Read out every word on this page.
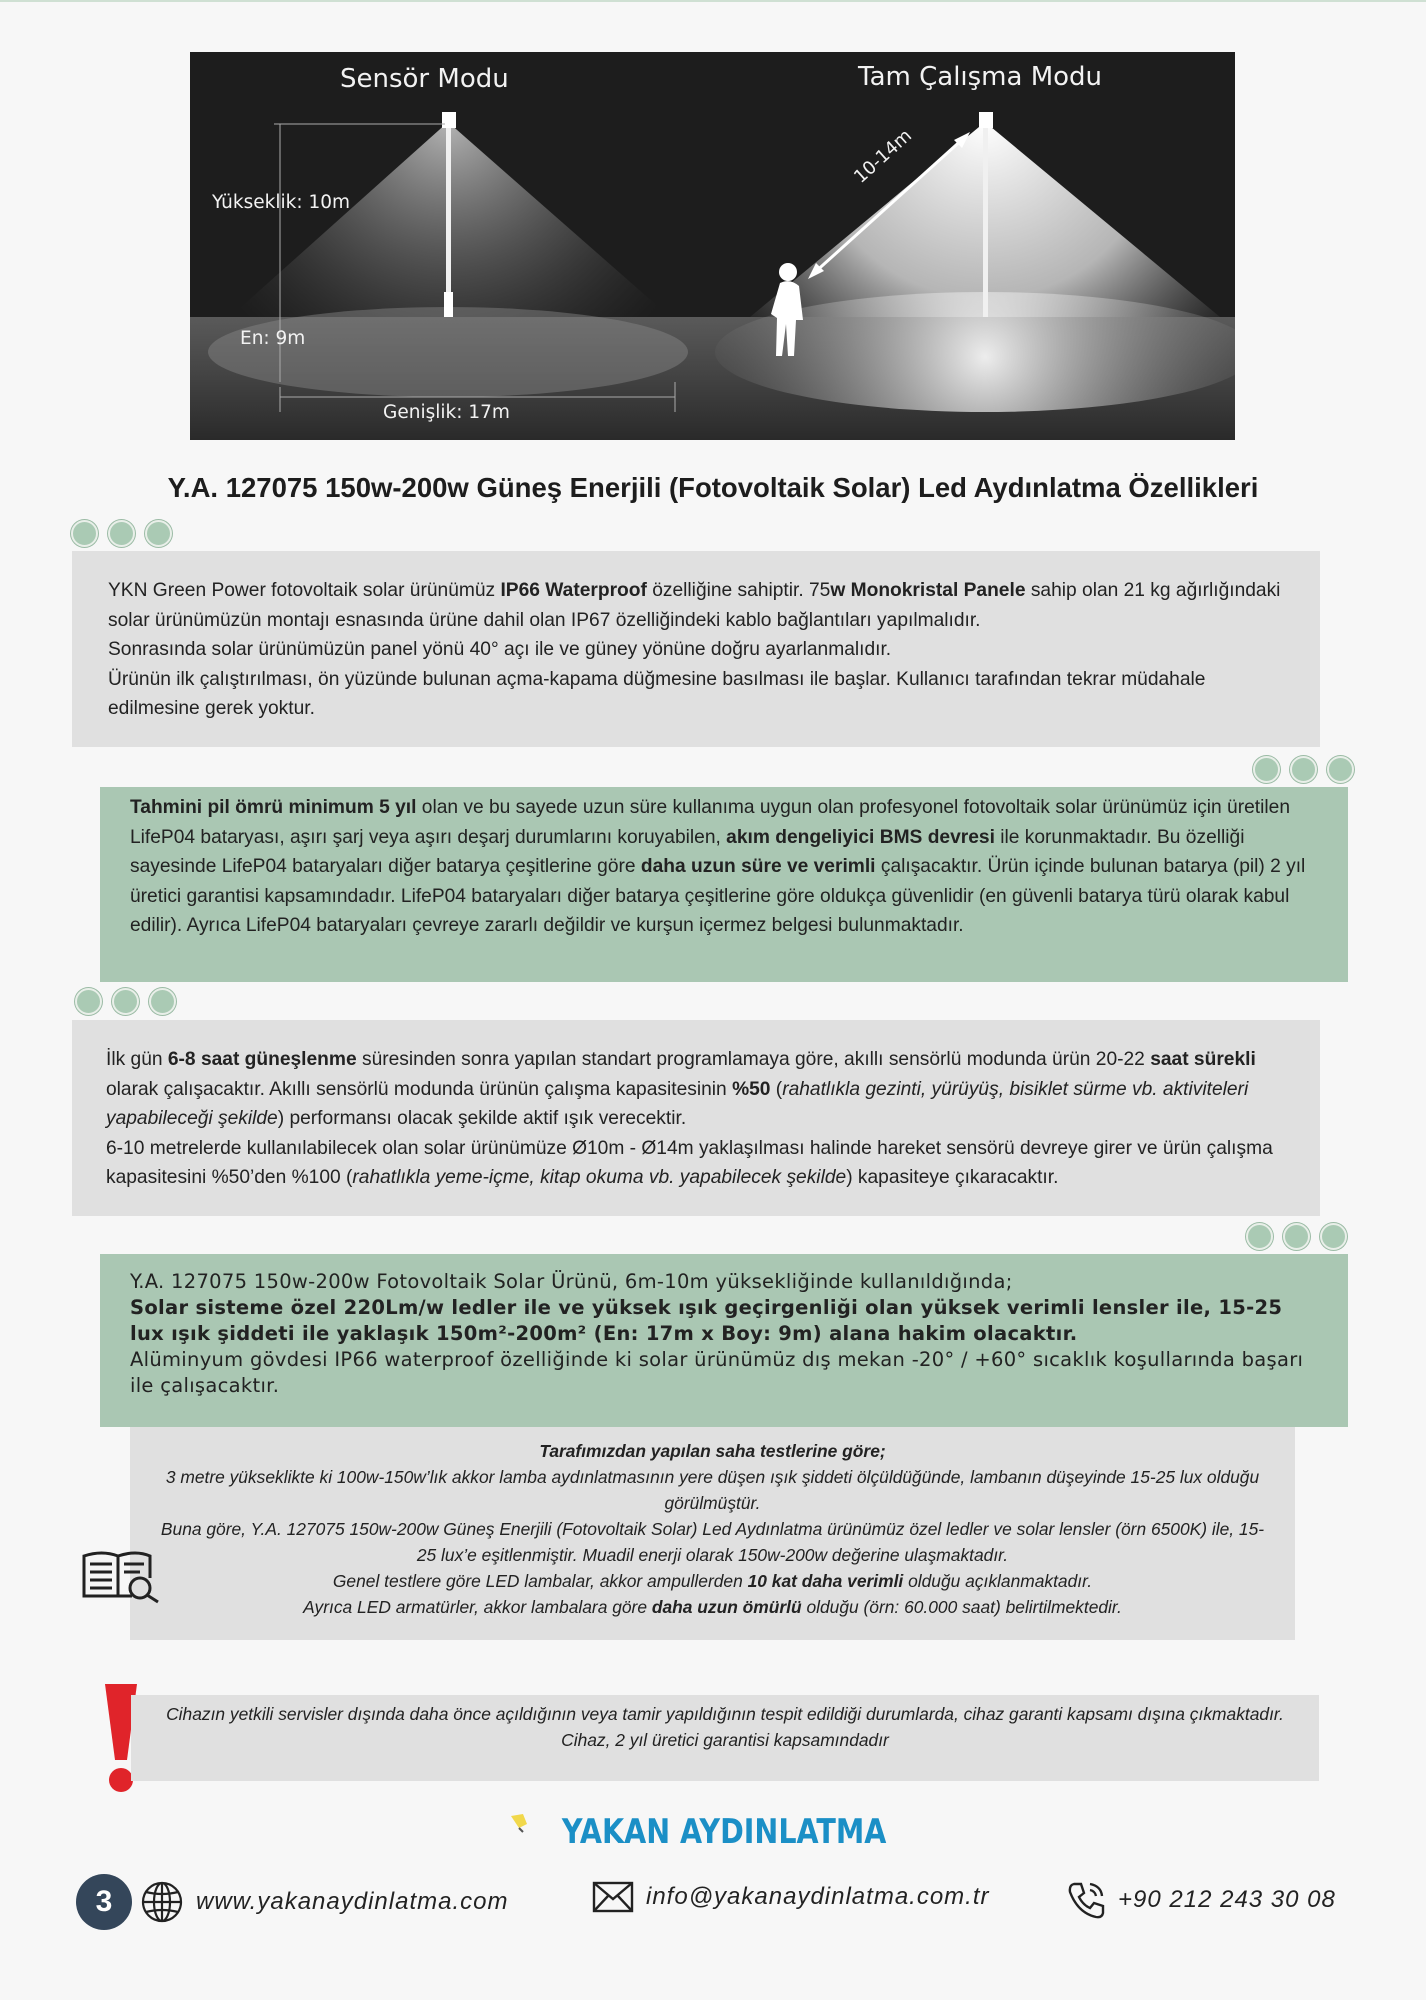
Sensör Modu	Tam Çalışma Modu
Yükseklik: 10m
En: 9m
Genişlik: 17m
10-14m
Y.A. 127075 150w-200w Güneş Enerjili (Fotovoltaik Solar) Led Aydınlatma Özellikleri

YKN Green Power fotovoltaik solar ürünümüz IP66 Waterproof özelliğine sahiptir. 75w Monokristal Panele sahip olan 21 kg ağırlığındaki solar ürünümüzün montajı esnasında ürüne dahil olan IP67 özelliğindeki kablo bağlantıları yapılmalıdır.

Sonrasında solar ürünümüzün panel yönü 40° açı ile ve güney yönüne doğru ayarlanmalıdır.

Ürünün ilk çalıştırılması, ön yüzünde bulunan açma-kapama düğmesine basılması ile başlar. Kullanıcı tarafından tekrar müdahale edilmesine gerek yoktur.

Tahmini pil ömrü minimum 5 yıl olan ve bu sayede uzun süre kullanıma uygun olan profesyonel fotovoltaik solar ürünümüz için üretilen LifeP04 bataryası, aşırı şarj veya aşırı deşarj durumlarını koruyabilen, akım dengeliyici BMS devresi ile korunmaktadır. Bu özelliği sayesinde LifeP04 bataryaları diğer batarya çeşitlerine göre daha uzun süre ve verimli çalışacaktır. Ürün içinde bulunan batarya (pil) 2 yıl üretici garantisi kapsamındadır. LifeP04 bataryaları diğer batarya çeşitlerine göre oldukça güvenlidir (en güvenli batarya türü olarak kabul edilir). Ayrıca LifeP04 bataryaları çevreye zararlı değildir ve kurşun içermez belgesi bulunmaktadır.

İlk gün 6-8 saat güneşlenme süresinden sonra yapılan standart programlamaya göre, akıllı sensörlü modunda ürün 20-22 saat sürekli olarak çalışacaktır. Akıllı sensörlü modunda ürünün çalışma kapasitesinin %50 (rahatlıkla gezinti, yürüyüş, bisiklet sürme vb. aktiviteleri yapabileceği şekilde) performansı olacak şekilde aktif ışık verecektir.

6-10 metrelerde kullanılabilecek olan solar ürünümüze Ø10m - Ø14m yaklaşılması halinde hareket sensörü devreye girer ve ürün çalışma kapasitesini %50’den %100 (rahatlıkla yeme-içme, kitap okuma vb. yapabilecek şekilde) kapasiteye çıkaracaktır.

Y.A. 127075 150w-200w Fotovoltaik Solar Ürünü, 6m-10m yüksekliğinde kullanıldığında;

Solar sisteme özel 220Lm/w ledler ile ve yüksek ışık geçirgenliği olan yüksek verimli lensler ile, 15-25 lux ışık şiddeti ile yaklaşık 150m²-200m² (En: 17m x Boy: 9m) alana hakim olacaktır.

Alüminyum gövdesi IP66 waterproof özelliğinde ki solar ürünümüz dış mekan -20° / +60° sıcaklık koşullarında başarı ile çalışacaktır.

Tarafımızdan yapılan saha testlerine göre;
3 metre yükseklikte ki 100w-150w’lık akkor lamba aydınlatmasının yere düşen ışık şiddeti ölçüldüğünde, lambanın düşeyinde 15-25 lux olduğu görülmüştür.
Buna göre, Y.A. 127075 150w-200w Güneş Enerjili (Fotovoltaik Solar) Led Aydınlatma ürünümüz özel ledler ve solar lensler (örn 6500K) ile, 15-25 lux’e eşitlenmiştir. Muadil enerji olarak 150w-200w değerine ulaşmaktadır.
Genel testlere göre LED lambalar, akkor ampullerden 10 kat daha verimli olduğu açıklanmaktadır.
Ayrıca LED armatürler, akkor lambalara göre daha uzun ömürlü olduğu (örn: 60.000 saat) belirtilmektedir.
Cihazın yetkili servisler dışında daha önce açıldığının veya tamir yapıldığının tespit edildiği durumlarda, cihaz garanti kapsamı dışına çıkmaktadır.
Cihaz, 2 yıl üretici garantisi kapsamındadır
YAKAN AYDINLATMA
3	www.yakanaydinlatma.com	info@yakanaydinlatma.com.tr	+90 212 243 30 08
